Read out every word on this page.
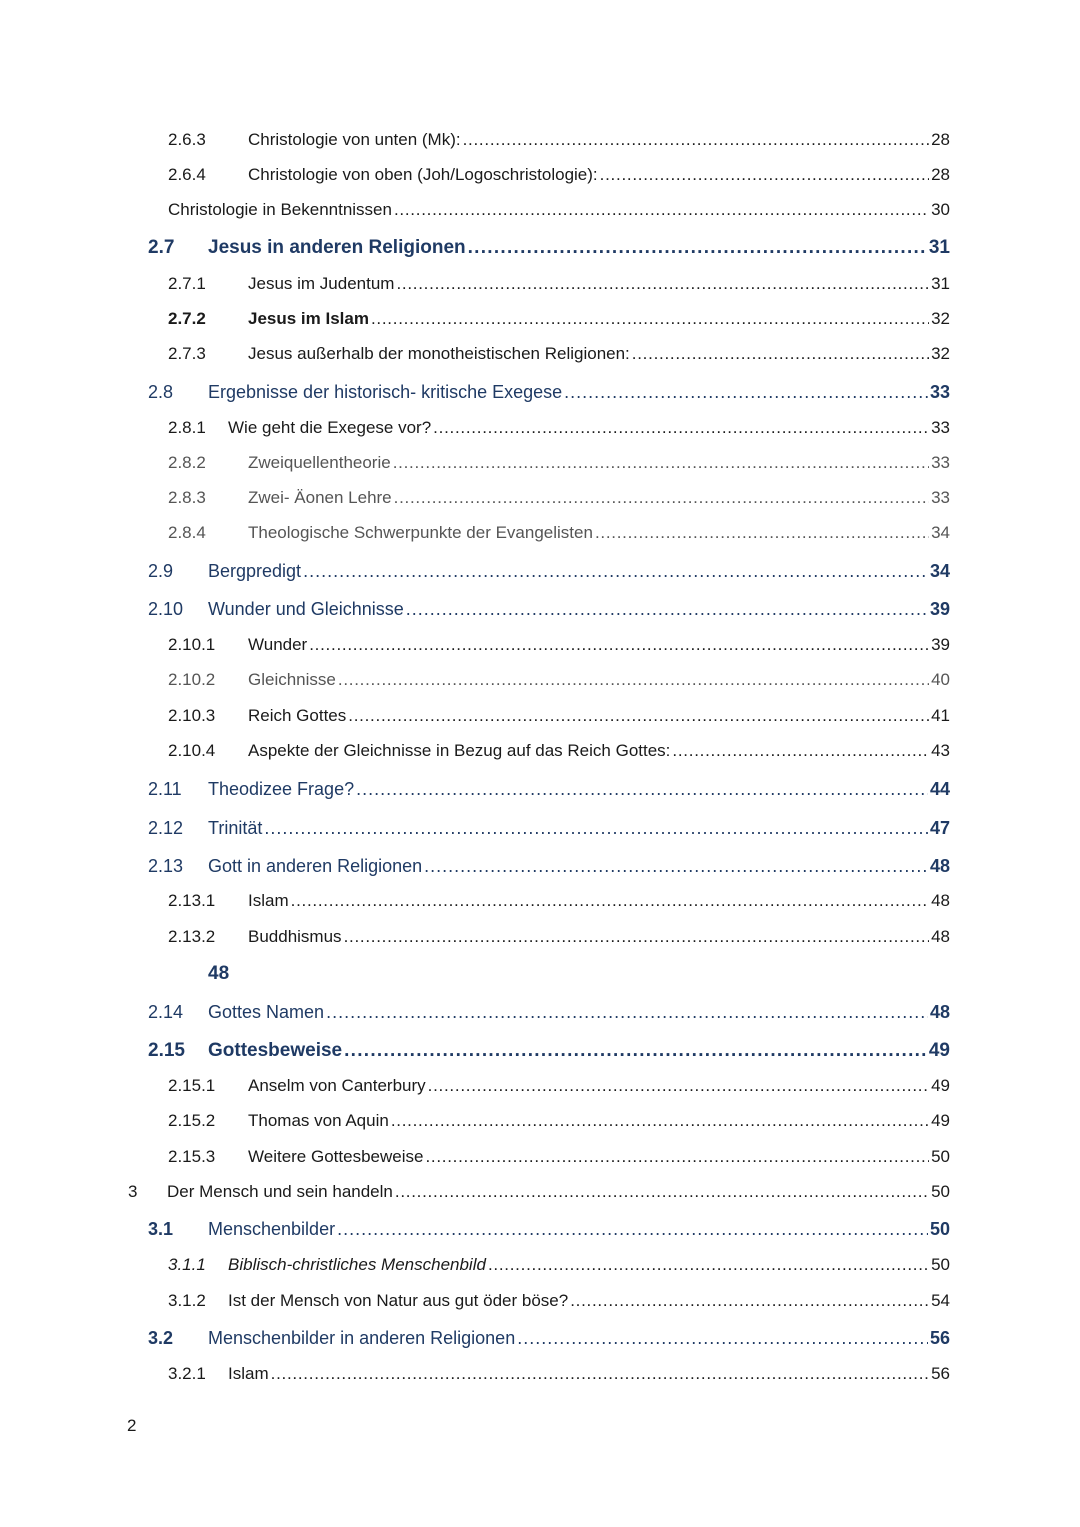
2.6.3	Christologie von unten (Mk): . . .	28
2.6.4	Christologie von oben (Joh/Logoschristologie): . . .	28
Christologie in Bekenntnissen . . .	30
2.7	Jesus in anderen Religionen . . .	31
2.7.1	Jesus im Judentum . . .	31
2.7.2	Jesus im Islam . . .	32
2.7.3	Jesus außerhalb der monotheistischen Religionen: . . .	32
2.8	Ergebnisse der historisch- kritische Exegese . . .	33
2.8.1	Wie geht die Exegese vor? . . .	33
2.8.2	Zweiquellentheorie . . .	33
2.8.3	Zwei- Äonen Lehre . . .	33
2.8.4	Theologische Schwerpunkte der Evangelisten . . .	34
2.9	Bergpredigt . . .	34
2.10	Wunder und Gleichnisse . . .	39
2.10.1	Wunder . . .	39
2.10.2	Gleichnisse . . .	40
2.10.3	Reich Gottes . . .	41
2.10.4	Aspekte der Gleichnisse in Bezug auf das Reich Gottes: . . .	43
2.11	Theodizee Frage? . . .	44
2.12	Trinität . . .	47
2.13	Gott in anderen Religionen . . .	48
2.13.1	Islam . . .	48
2.13.2	Buddhismus . . .	48
48
2.14	Gottes Namen . . .	48
2.15	Gottesbeweise . . .	49
2.15.1	Anselm von Canterbury . . .	49
2.15.2	Thomas von Aquin . . .	49
2.15.3	Weitere Gottesbeweise . . .	50
3	Der Mensch und sein handeln . . .	50
3.1	Menschenbilder . . .	50
3.1.1	Biblisch-christliches Menschenbild . . .	50
3.1.2	Ist der Mensch von Natur aus gut öder böse? . . .	54
3.2	Menschenbilder in anderen Religionen . . .	56
3.2.1	Islam . . .	56
2
